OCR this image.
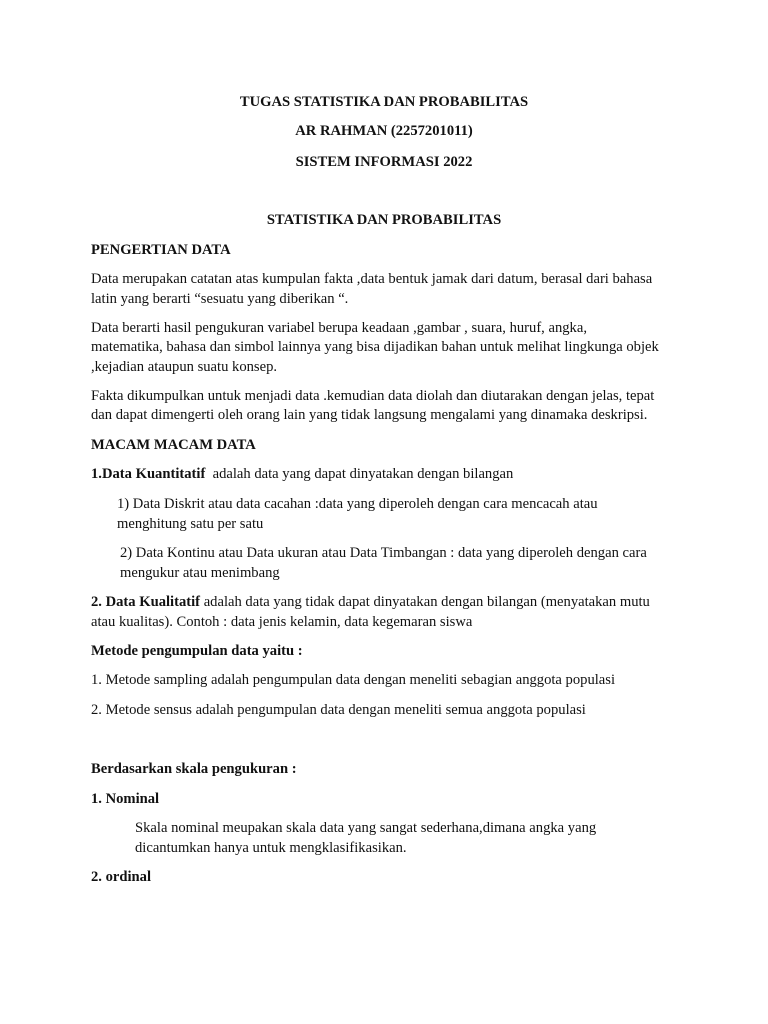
TUGAS STATISTIKA DAN PROBABILITAS

AR RAHMAN (2257201011)

SISTEM INFORMASI 2022

STATISTIKA DAN PROBABILITAS

PENGERTIAN DATA

Data merupakan catatan atas kumpulan fakta ,data bentuk jamak dari datum, berasal dari bahasa

latin yang berarti “sesuatu yang diberikan “.

Data berarti hasil pengukuran variabel berupa keadaan ,gambar , suara, huruf, angka,

matematika, bahasa dan simbol lainnya yang bisa dijadikan bahan untuk melihat lingkunga objek

,kejadian ataupun suatu konsep.

Fakta dikumpulkan untuk menjadi data .kemudian data diolah dan diutarakan dengan jelas, tepat

dan dapat dimengerti oleh orang lain yang tidak langsung mengalami yang dinamaka deskripsi.

MACAM MACAM DATA

1.Data Kuantitatif  adalah data yang dapat dinyatakan dengan bilangan

1) Data Diskrit atau data cacahan :data yang diperoleh dengan cara mencacah atau

menghitung satu per satu

2) Data Kontinu atau Data ukuran atau Data Timbangan : data yang diperoleh dengan cara

mengukur atau menimbang

2. Data Kualitatif adalah data yang tidak dapat dinyatakan dengan bilangan (menyatakan mutu

atau kualitas). Contoh : data jenis kelamin, data kegemaran siswa

Metode pengumpulan data yaitu :

1. Metode sampling adalah pengumpulan data dengan meneliti sebagian anggota populasi

2. Metode sensus adalah pengumpulan data dengan meneliti semua anggota populasi

Berdasarkan skala pengukuran :

1. Nominal

Skala nominal meupakan skala data yang sangat sederhana,dimana angka yang

dicantumkan hanya untuk mengklasifikasikan.

2. ordinal
